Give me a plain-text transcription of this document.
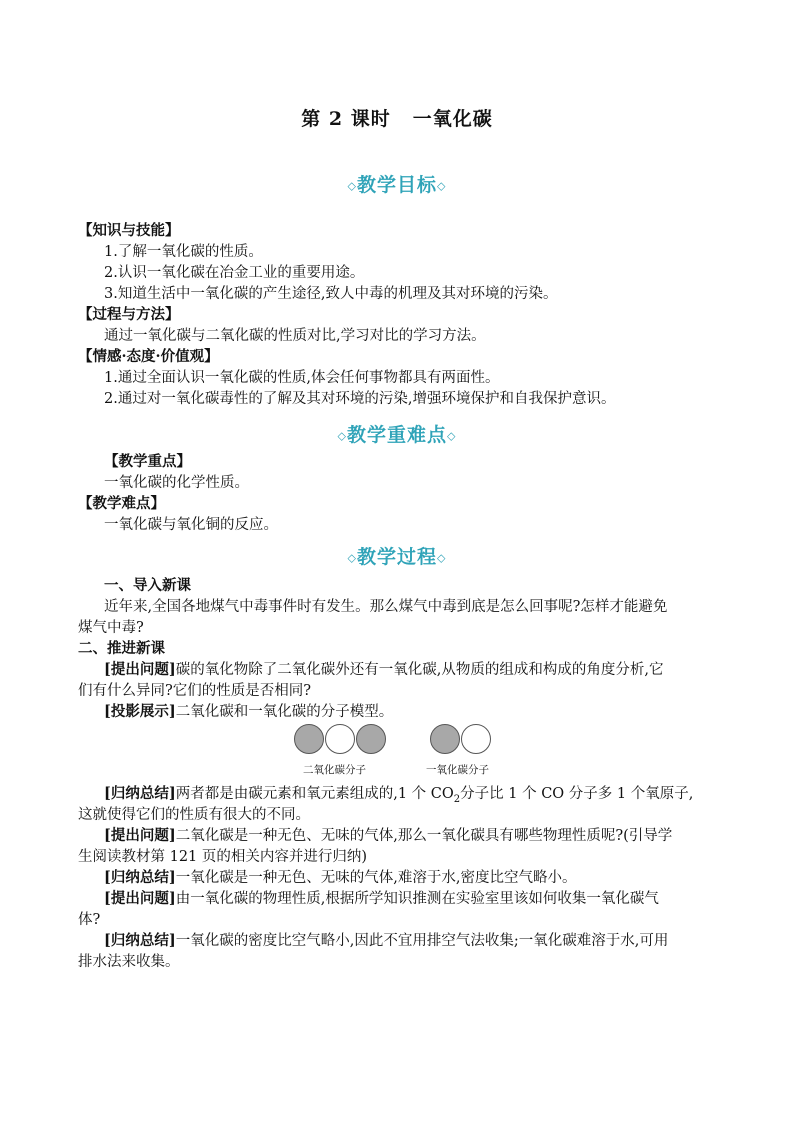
第 2 课时 一氧化碳
◇教学目标◇
【知识与技能】
1.了解一氧化碳的性质。
2.认识一氧化碳在冶金工业的重要用途。
3.知道生活中一氧化碳的产生途径,致人中毒的机理及其对环境的污染。
【过程与方法】
通过一氧化碳与二氧化碳的性质对比,学习对比的学习方法。
【情感·态度·价值观】
1.通过全面认识一氧化碳的性质,体会任何事物都具有两面性。
2.通过对一氧化碳毒性的了解及其对环境的污染,增强环境保护和自我保护意识。
◇教学重难点◇
【教学重点】
一氧化碳的化学性质。
【教学难点】
一氧化碳与氧化铜的反应。
◇教学过程◇
一、导入新课
近年来,全国各地煤气中毒事件时有发生。那么煤气中毒到底是怎么回事呢?怎样才能避免
煤气中毒?
二、推进新课
[提出问题]碳的氧化物除了二氧化碳外还有一氧化碳,从物质的组成和构成的角度分析,它
们有什么异同?它们的性质是否相同?
[投影展示]二氧化碳和一氧化碳的分子模型。
二氧化碳分子	一氧化碳分子
[归纳总结]两者都是由碳元素和氧元素组成的,1 个 $CO_2$分子比 1 个 CO 分子多 1 个氧原子,
这就使得它们的性质有很大的不同。
[提出问题]二氧化碳是一种无色、无味的气体,那么一氧化碳具有哪些物理性质呢?(引导学
生阅读教材第 121 页的相关内容并进行归纳)
[归纳总结]一氧化碳是一种无色、无味的气体,难溶于水,密度比空气略小。
[提出问题]由一氧化碳的物理性质,根据所学知识推测在实验室里该如何收集一氧化碳气
体?
[归纳总结]一氧化碳的密度比空气略小,因此不宜用排空气法收集;一氧化碳难溶于水,可用
排水法来收集。
